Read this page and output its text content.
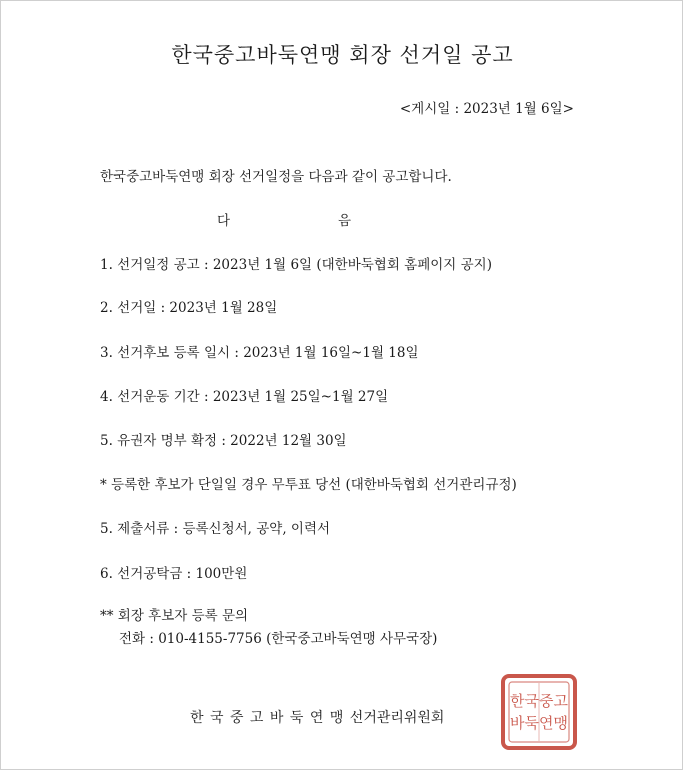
한국중고바둑연맹 회장 선거일 공고
<게시일 : 2023년 1월 6일>
한국중고바둑연맹 회장 선거일정을 다음과 같이 공고합니다.
다	음
1. 선거일정 공고 : 2023년 1월 6일 (대한바둑협회 홈페이지 공지)
2. 선거일 : 2023년 1월 28일
3. 선거후보 등록 일시 : 2023년 1월 16일~1월 18일
4. 선거운동 기간 : 2023년 1월 25일~1월 27일
5. 유권자 명부 확정 : 2022년 12월 30일
* 등록한 후보가 단일일 경우 무투표 당선 (대한바둑협회 선거관리규정)
5. 제출서류 : 등록신청서, 공약, 이력서
6. 선거공탁금 : 100만원
** 회장 후보자 등록 문의
전화 : 010-4155-7756 (한국중고바둑연맹 사무국장)
한 국 중 고 바 둑 연 맹 선거관리위원회
한국중고
바둑연맹
